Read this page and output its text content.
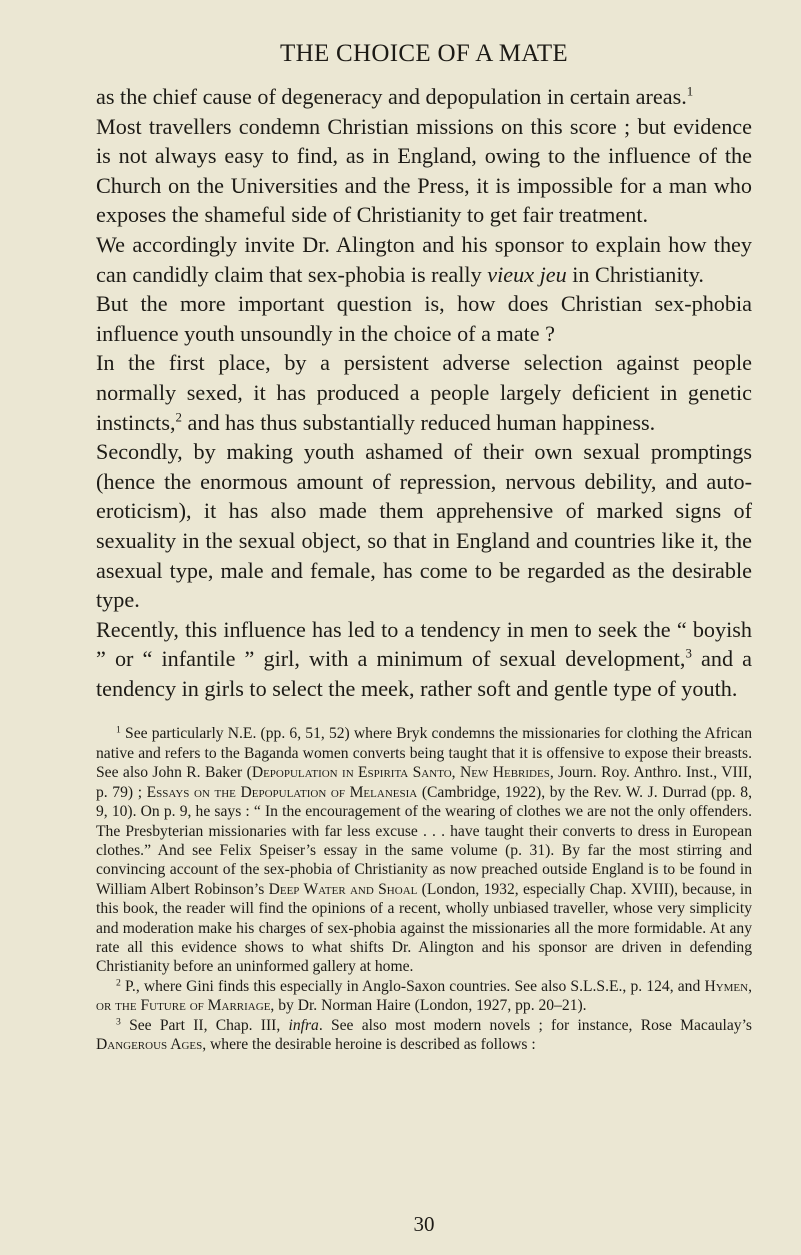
THE CHOICE OF A MATE

as the chief cause of degeneracy and depopulation in certain areas.$^1$

Most travellers condemn Christian missions on this score ; but evidence is not always easy to find, as in England, owing to the influence of the Church on the Universities and the Press, it is impossible for a man who exposes the shameful side of Christianity to get fair treatment.

We accordingly invite Dr. Alington and his sponsor to explain how they can candidly claim that sex-phobia is really vieux jeu in Christianity.

But the more important question is, how does Christian sex-phobia influence youth unsoundly in the choice of a mate ?

In the first place, by a persistent adverse selection against people normally sexed, it has produced a people largely deficient in genetic instincts,$^2$ and has thus substantially reduced human happiness.

Secondly, by making youth ashamed of their own sexual promptings (hence the enormous amount of repression, nervous debility, and auto-eroticism), it has also made them apprehensive of marked signs of sexuality in the sexual object, so that in England and countries like it, the asexual type, male and female, has come to be regarded as the desirable type.

Recently, this influence has led to a tendency in men to seek the “ boyish ” or “ infantile ” girl, with a minimum of sexual development,$^3$ and a tendency in girls to select the meek, rather soft and gentle type of youth.

$^1$ See particularly N.E. (pp. 6, 51, 52) where Bryk condemns the missionaries for clothing the African native and refers to the Baganda women converts being taught that it is offensive to expose their breasts. See also John R. Baker (Depopulation in Espirita Santo, New Hebrides, Journ. Roy. Anthro. Inst., VIII, p. 79) ; Essays on the Depopulation of Melanesia (Cambridge, 1922), by the Rev. W. J. Durrad (pp. 8, 9, 10). On p. 9, he says : “ In the encouragement of the wearing of clothes we are not the only offenders. The Presbyterian missionaries with far less excuse . . . have taught their converts to dress in European clothes.” And see Felix Speiser’s essay in the same volume (p. 31). By far the most stirring and convincing account of the sex-phobia of Christianity as now preached outside England is to be found in William Albert Robinson’s Deep Water and Shoal (London, 1932, especially Chap. XVIII), because, in this book, the reader will find the opinions of a recent, wholly unbiased traveller, whose very simplicity and moderation make his charges of sex-phobia against the missionaries all the more formidable. At any rate all this evidence shows to what shifts Dr. Alington and his sponsor are driven in defending Christianity before an uninformed gallery at home.

$^2$ P., where Gini finds this especially in Anglo-Saxon countries. See also S.L.S.E., p. 124, and Hymen, or the Future of Marriage, by Dr. Norman Haire (London, 1927, pp. 20–21).

$^3$ See Part II, Chap. III, infra. See also most modern novels ; for instance, Rose Macaulay’s Dangerous Ages, where the desirable heroine is described as follows :

30
